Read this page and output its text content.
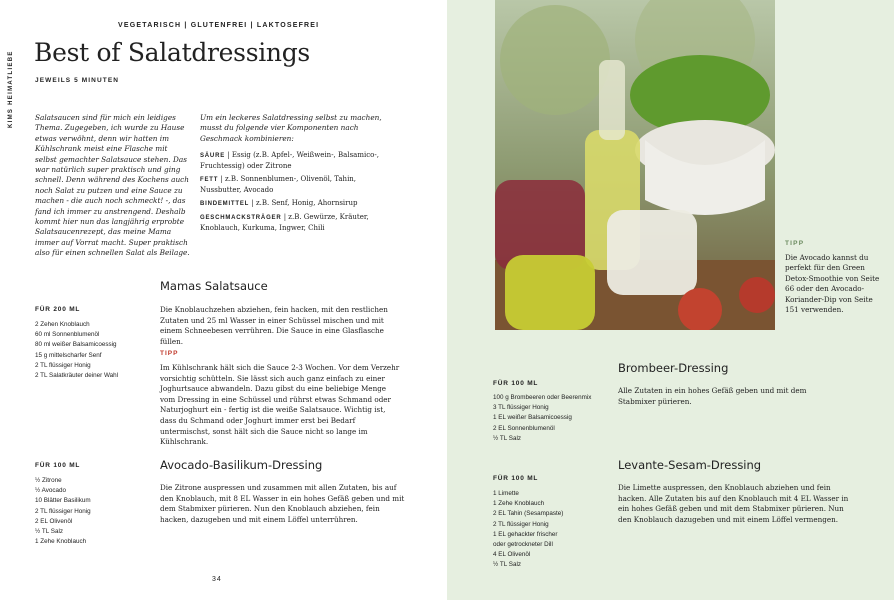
VEGETARISCH | GLUTENFREI | LAKTOSEFREI
KIMS HEIMATLIEBE Best of Salatdressings
JEWEILS 5 MINUTEN
Salatsaucen sind für mich ein leidiges Thema. Zugegeben, ich wurde zu Hause etwas verwöhnt, denn wir hatten im Kühlschrank meist eine Flasche mit selbst gemachter Salatsauce stehen. Das war natürlich super praktisch und ging schnell. Denn während des Kochens auch noch Salat zu putzen und eine Sauce zu machen - die auch noch schmeckt! -, das fand ich immer zu anstrengend. Deshalb kommt hier nun das langjährig erprobte Salatsaucenrezept, das meine Mama immer auf Vorrat macht. Super praktisch also für einen schnellen Salat als Beilage.
Um ein leckeres Salatdressing selbst zu machen, musst du folgende vier Komponenten nach Geschmack kombinieren:
SÄURE | Essig (z.B. Apfel-, Weißwein-, Balsamico-, Fruchtessig) oder Zitrone
FETT | z.B. Sonnenblumen-, Olivenöl, Tahin, Nussbutter, Avocado
BINDEMITTEL | z.B. Senf, Honig, Ahornsirup
GESCHMACKSTRÄGER | z.B. Gewürze, Kräuter, Knoblauch, Kurkuma, Ingwer, Chili
Mamas Salatsauce
FÜR 200 ML
2 Zehen Knoblauch
60 ml Sonnenblumenöl
80 ml weißer Balsamicoessig
15 g mittelscharfer Senf
2 TL flüssiger Honig
2 TL Salatkräuter deiner Wahl
Die Knoblauchzehen abziehen, fein hacken, mit den restlichen Zutaten und 25 ml Wasser in einer Schüssel mischen und mit einem Schneebesen verrühren. Die Sauce in eine Glasflasche füllen.
TIPP
Im Kühlschrank hält sich die Sauce 2-3 Wochen. Vor dem Verzehr vorsichtig schütteln. Sie lässt sich auch ganz einfach zu einer Joghurtsauce abwandeln. Dazu gibst du eine beliebige Menge vom Dressing in eine Schüssel und rührst etwas Schmand oder Naturjoghurt ein - fertig ist die weiße Salatsauce. Wichtig ist, dass du Schmand oder Joghurt immer erst bei Bedarf untermischst, sonst hält sich die Sauce nicht so lange im Kühlschrank.
Avocado-Basilikum-Dressing
FÜR 100 ML
½ Zitrone
½ Avocado
10 Blätter Basilikum
2 TL flüssiger Honig
2 EL Olivenöl
½ TL Salz
1 Zehe Knoblauch
Die Zitrone auspressen und zusammen mit allen Zutaten, bis auf den Knoblauch, mit 8 EL Wasser in ein hohes Gefäß geben und mit dem Stabmixer pürieren. Nun den Knoblauch abziehen, fein hacken, dazugeben und mit einem Löffel unterrühren.
34
TIPP
Die Avocado kannst du perfekt für den Green Detox-Smoothie von Seite 66 oder den Avocado-Koriander-Dip von Seite 151 verwenden.
Brombeer-Dressing
FÜR 100 ML
100 g Brombeeren oder Beerenmix
3 TL flüssiger Honig
1 EL weißer Balsamicoessig
2 EL Sonnenblumenöl
½ TL Salz
Alle Zutaten in ein hohes Gefäß geben und mit dem Stabmixer pürieren.
Levante-Sesam-Dressing
FÜR 100 ML
1 Limette
1 Zehe Knoblauch
2 EL Tahin (Sesampaste)
2 TL flüssiger Honig
1 EL gehackter frischer
oder getrockneter Dill
4 EL Olivenöl
½ TL Salz
Die Limette auspressen, den Knoblauch abziehen und fein hacken. Alle Zutaten bis auf den Knoblauch mit 4 EL Wasser in ein hohes Gefäß geben und mit dem Stabmixer pürieren. Nun den Knoblauch dazugeben und mit einem Löffel vermengen.
